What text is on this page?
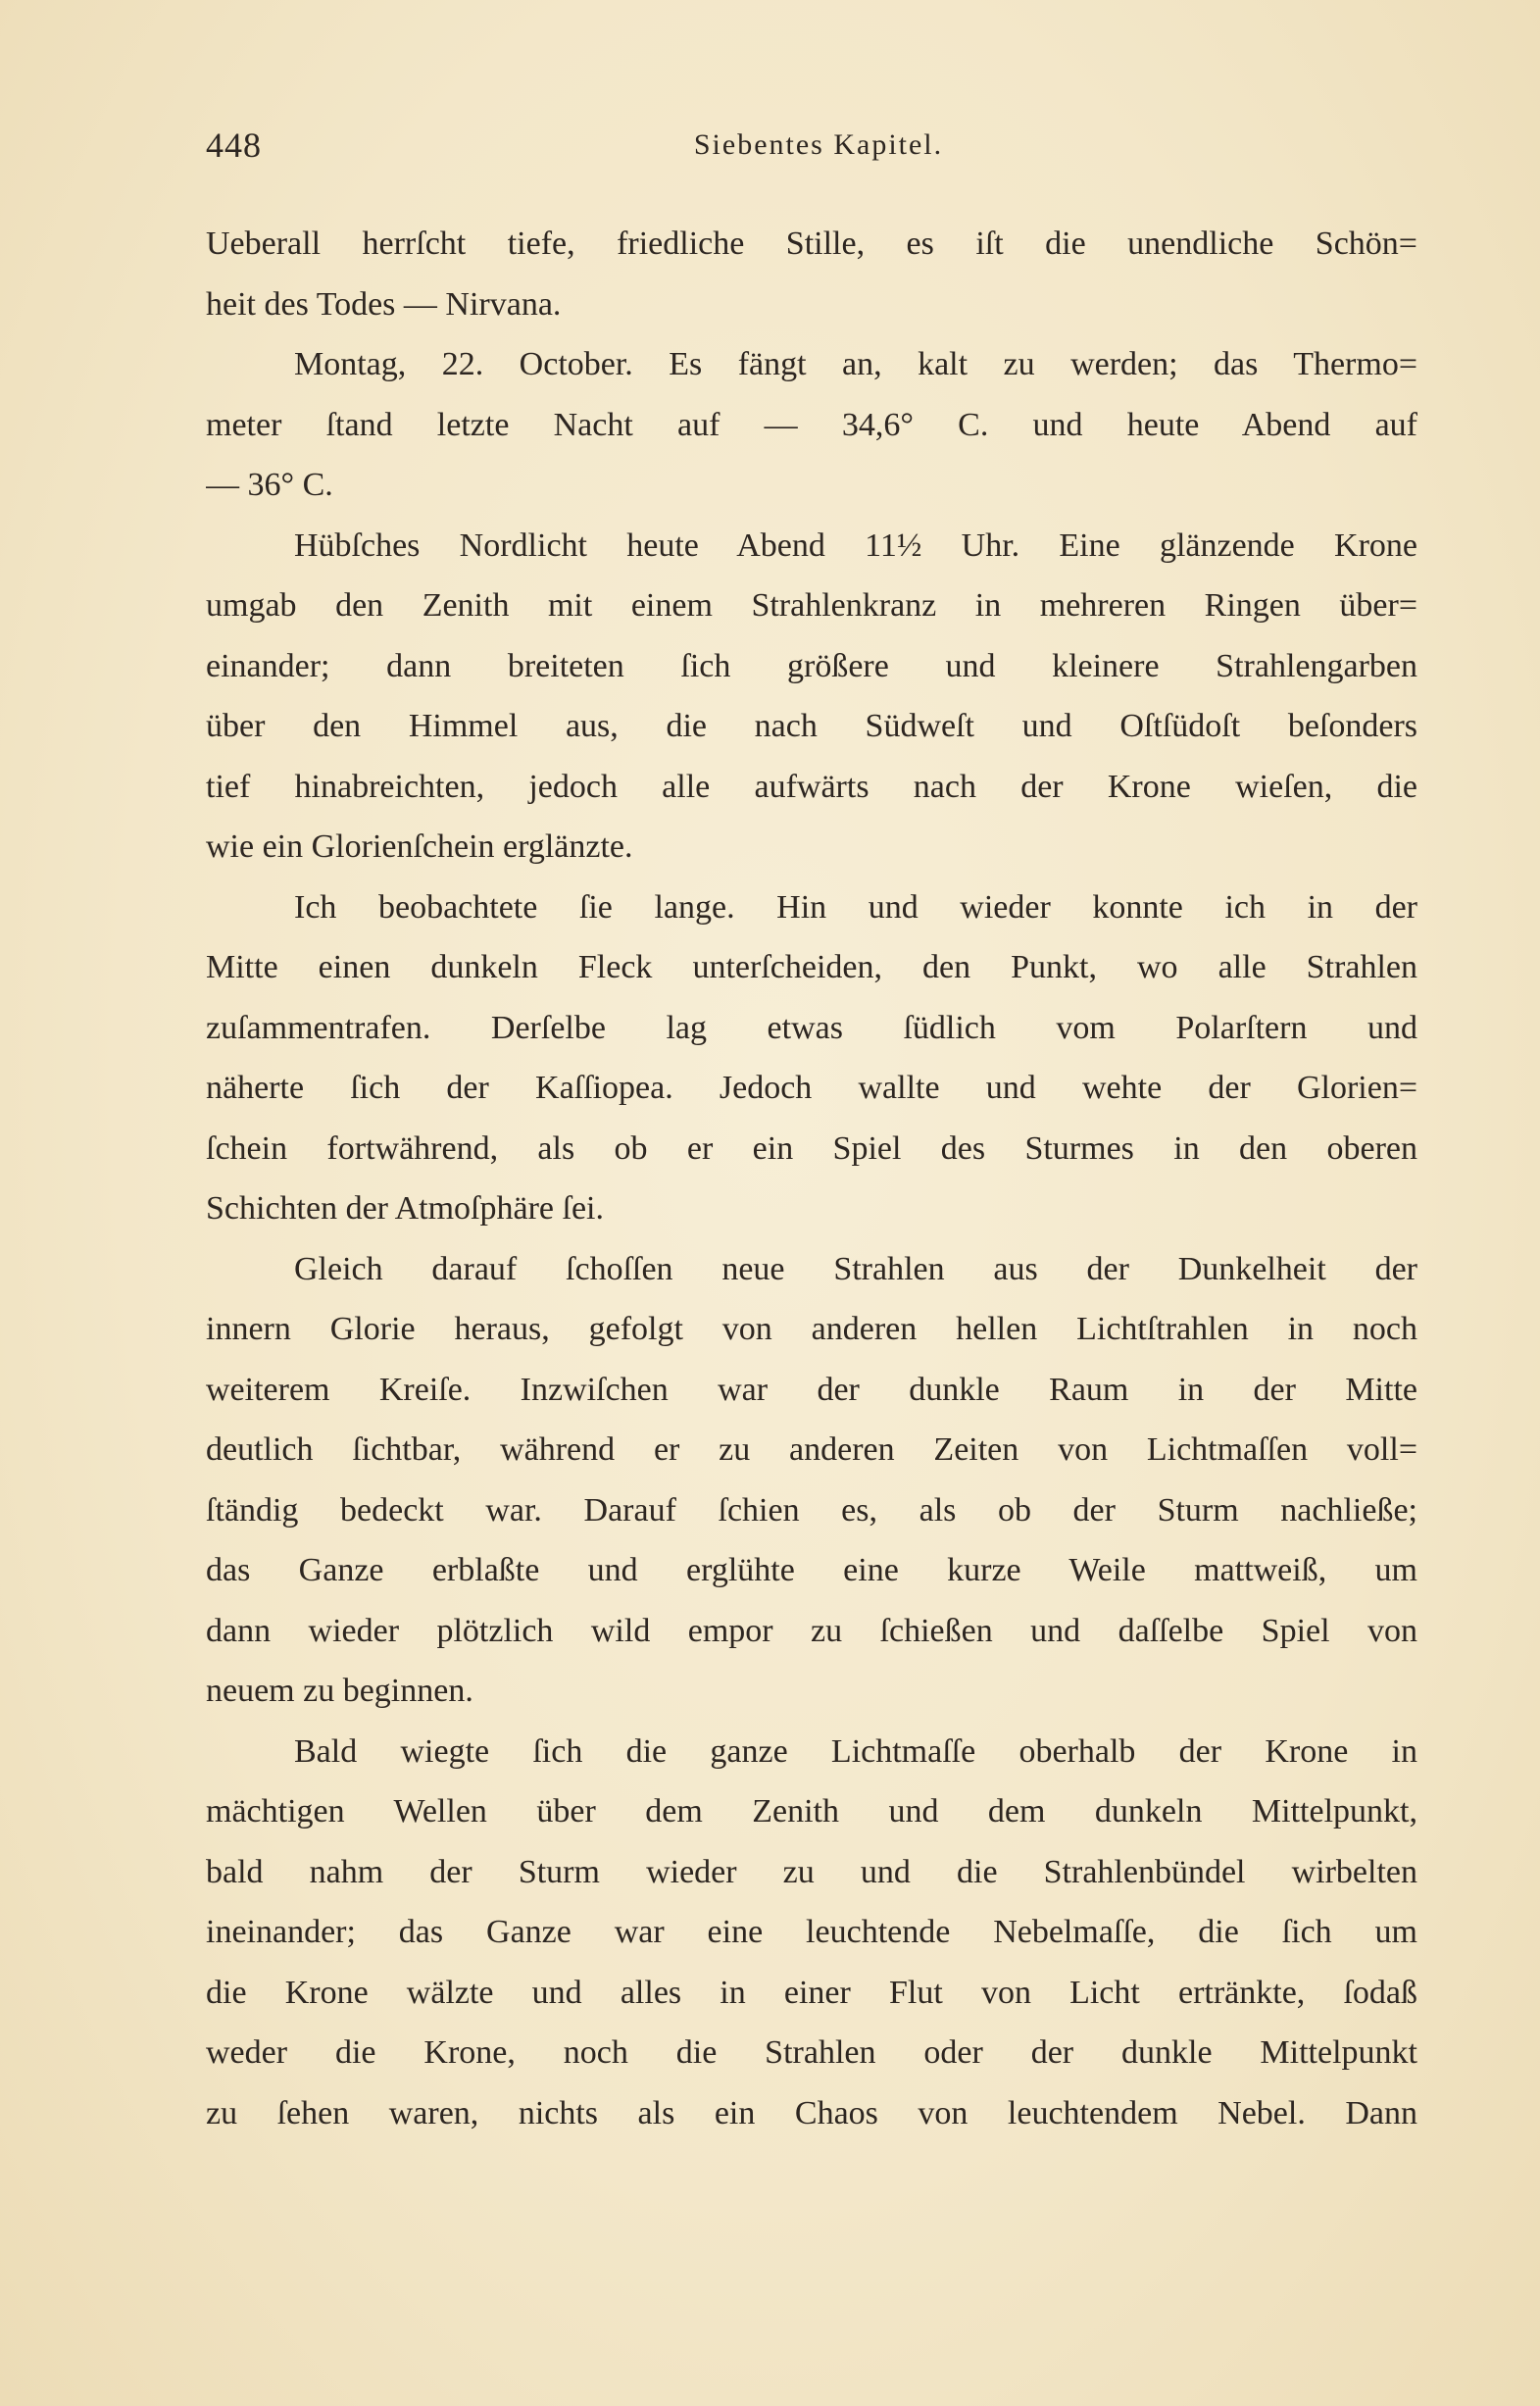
448	Siebentes Kapitel.
Ueberall herrſcht tiefe, friedliche Stille, es iſt die unendliche Schön=
heit des Todes — Nirvana.
Montag, 22. October. Es fängt an, kalt zu werden; das Thermo=
meter ſtand letzte Nacht auf — 34,6° C. und heute Abend auf
— 36° C.
Hübſches Nordlicht heute Abend 11½ Uhr. Eine glänzende Krone
umgab den Zenith mit einem Strahlenkranz in mehreren Ringen über=
einander; dann breiteten ſich größere und kleinere Strahlengarben
über den Himmel aus, die nach Südweſt und Oſtſüdoſt beſonders
tief hinabreichten, jedoch alle aufwärts nach der Krone wieſen, die
wie ein Glorienſchein erglänzte.
Ich beobachtete ſie lange. Hin und wieder konnte ich in der
Mitte einen dunkeln Fleck unterſcheiden, den Punkt, wo alle Strahlen
zuſammentrafen. Derſelbe lag etwas ſüdlich vom Polarſtern und
näherte ſich der Kaſſiopea. Jedoch wallte und wehte der Glorien=
ſchein fortwährend, als ob er ein Spiel des Sturmes in den oberen
Schichten der Atmoſphäre ſei.
Gleich darauf ſchoſſen neue Strahlen aus der Dunkelheit der
innern Glorie heraus, gefolgt von anderen hellen Lichtſtrahlen in noch
weiterem Kreiſe. Inzwiſchen war der dunkle Raum in der Mitte
deutlich ſichtbar, während er zu anderen Zeiten von Lichtmaſſen voll=
ſtändig bedeckt war. Darauf ſchien es, als ob der Sturm nachließe;
das Ganze erblaßte und erglühte eine kurze Weile mattweiß, um
dann wieder plötzlich wild empor zu ſchießen und daſſelbe Spiel von
neuem zu beginnen.
Bald wiegte ſich die ganze Lichtmaſſe oberhalb der Krone in
mächtigen Wellen über dem Zenith und dem dunkeln Mittelpunkt,
bald nahm der Sturm wieder zu und die Strahlenbündel wirbelten
ineinander; das Ganze war eine leuchtende Nebelmaſſe, die ſich um
die Krone wälzte und alles in einer Flut von Licht ertränkte, ſodaß
weder die Krone, noch die Strahlen oder der dunkle Mittelpunkt
zu ſehen waren, nichts als ein Chaos von leuchtendem Nebel. Dann
